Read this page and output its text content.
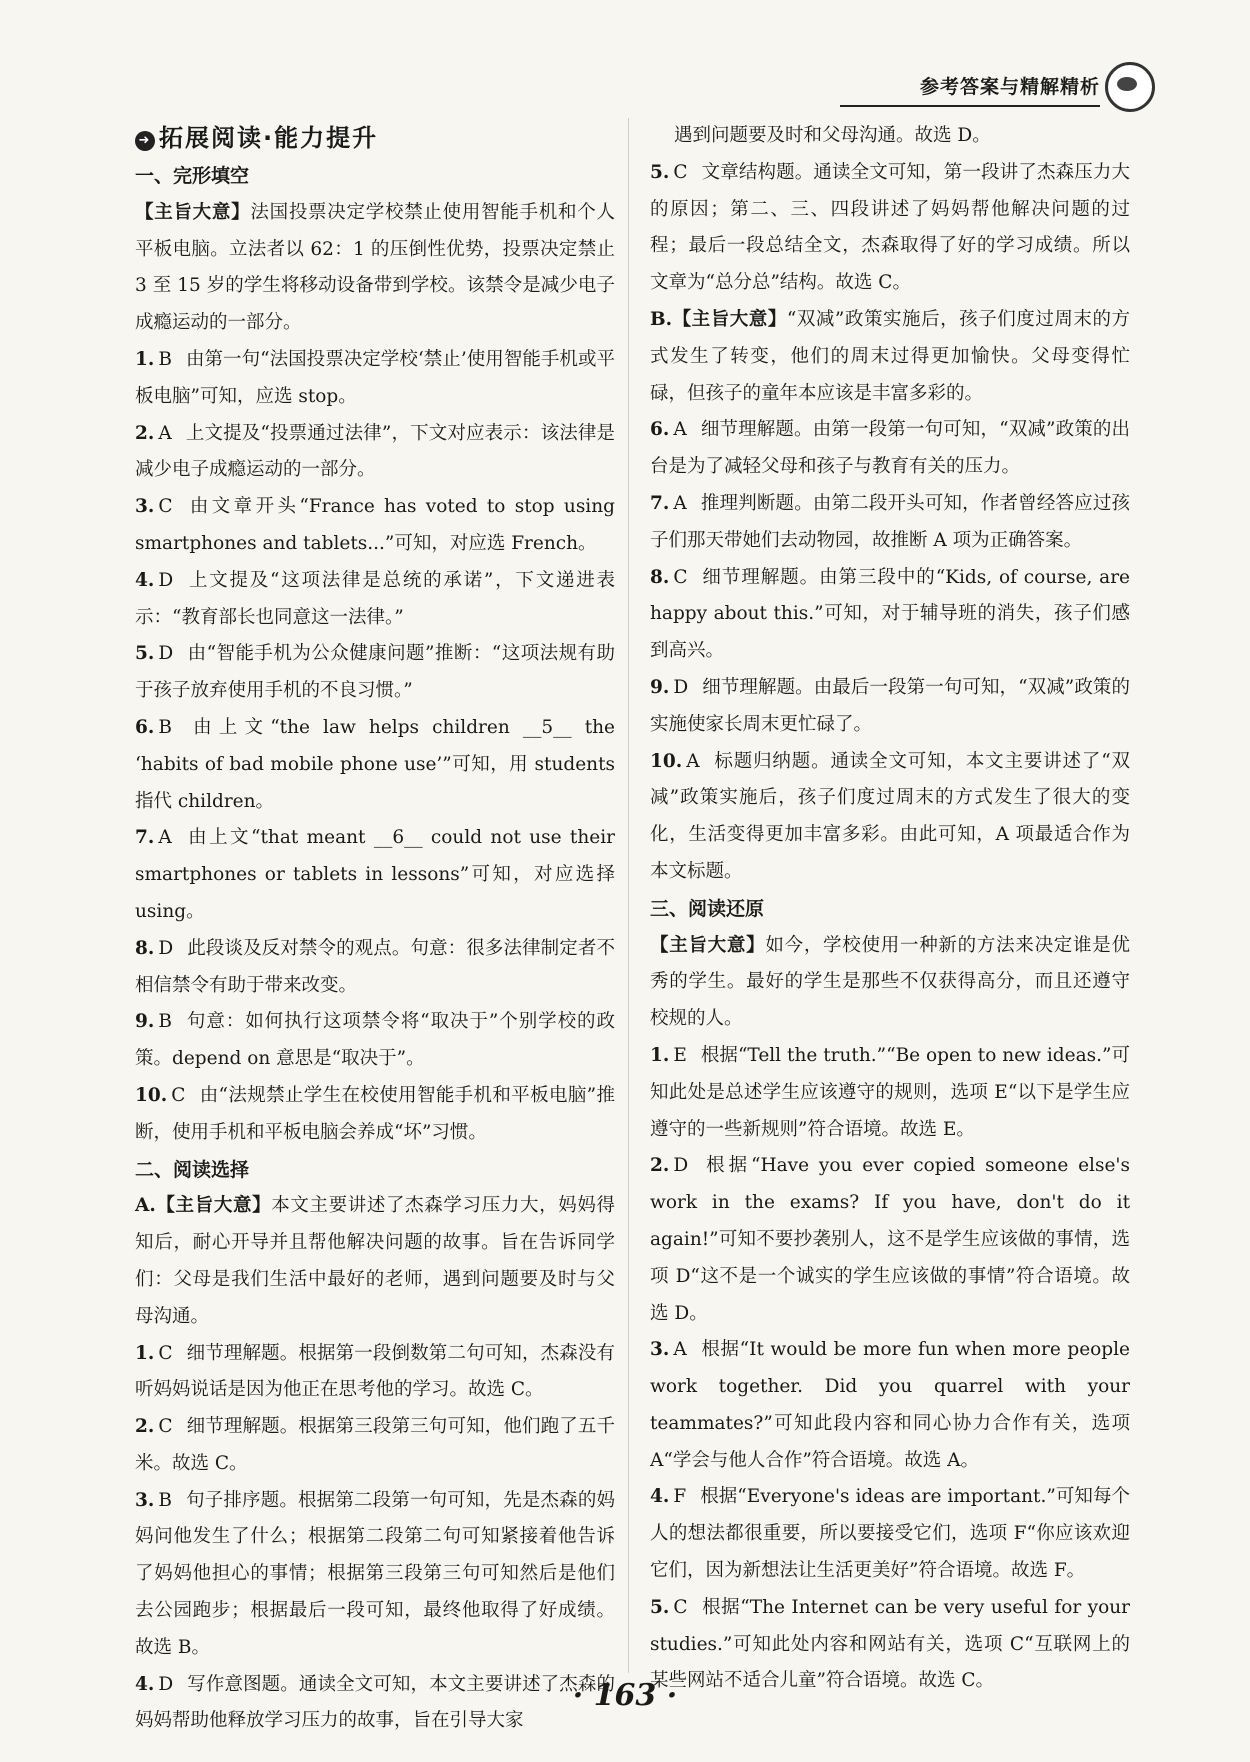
参考答案与精解精析
➜ 拓展阅读·能力提升
一、完形填空

【主旨大意】法国投票决定学校禁止使用智能手机和个人平板电脑。立法者以 62：1 的压倒性优势，投票决定禁止 3 至 15 岁的学生将移动设备带到学校。该禁令是减少电子成瘾运动的一部分。

1. B 由第一句“法国投票决定学校‘禁止’使用智能手机或平板电脑”可知，应选 stop。

2. A 上文提及“投票通过法律”，下文对应表示：该法律是减少电子成瘾运动的一部分。

3. C 由文章开头“France has voted to stop using smartphones and tablets...”可知，对应选 French。

4. D 上文提及“这项法律是总统的承诺”，下文递进表示：“教育部长也同意这一法律。”

5. D 由“智能手机为公众健康问题”推断：“这项法规有助于孩子放弃使用手机的不良习惯。”

6. B 由上文“the law helps children __5__ the ‘habits of bad mobile phone use’”可知，用 students 指代 children。

7. A 由上文“that meant __6__ could not use their smartphones or tablets in lessons”可知，对应选择 using。

8. D 此段谈及反对禁令的观点。句意：很多法律制定者不相信禁令有助于带来改变。

9. B 句意：如何执行这项禁令将“取决于”个别学校的政策。depend on 意思是“取决于”。

10. C 由“法规禁止学生在校使用智能手机和平板电脑”推断，使用手机和平板电脑会养成“坏”习惯。

二、阅读选择

A.【主旨大意】本文主要讲述了杰森学习压力大，妈妈得知后，耐心开导并且帮他解决问题的故事。旨在告诉同学们：父母是我们生活中最好的老师，遇到问题要及时与父母沟通。

1. C 细节理解题。根据第一段倒数第二句可知，杰森没有听妈妈说话是因为他正在思考他的学习。故选 C。

2. C 细节理解题。根据第三段第三句可知，他们跑了五千米。故选 C。

3. B 句子排序题。根据第二段第一句可知，先是杰森的妈妈问他发生了什么；根据第二段第二句可知紧接着他告诉了妈妈他担心的事情；根据第三段第三句可知然后是他们去公园跑步；根据最后一段可知，最终他取得了好成绩。故选 B。

4. D 写作意图题。通读全文可知，本文主要讲述了杰森的妈妈帮助他释放学习压力的故事，旨在引导大家

遇到问题要及时和父母沟通。故选 D。

5. C 文章结构题。通读全文可知，第一段讲了杰森压力大的原因；第二、三、四段讲述了妈妈帮他解决问题的过程；最后一段总结全文，杰森取得了好的学习成绩。所以文章为“总分总”结构。故选 C。

B.【主旨大意】“双减”政策实施后，孩子们度过周末的方式发生了转变，他们的周末过得更加愉快。父母变得忙碌，但孩子的童年本应该是丰富多彩的。

6. A 细节理解题。由第一段第一句可知，“双减”政策的出台是为了减轻父母和孩子与教育有关的压力。

7. A 推理判断题。由第二段开头可知，作者曾经答应过孩子们那天带她们去动物园，故推断 A 项为正确答案。

8. C 细节理解题。由第三段中的“Kids, of course, are happy about this.”可知，对于辅导班的消失，孩子们感到高兴。

9. D 细节理解题。由最后一段第一句可知，“双减”政策的实施使家长周末更忙碌了。

10. A 标题归纳题。通读全文可知，本文主要讲述了“双减”政策实施后，孩子们度过周末的方式发生了很大的变化，生活变得更加丰富多彩。由此可知，A 项最适合作为本文标题。

三、阅读还原

【主旨大意】如今，学校使用一种新的方法来决定谁是优秀的学生。最好的学生是那些不仅获得高分，而且还遵守校规的人。

1. E 根据“Tell the truth.”“Be open to new ideas.”可知此处是总述学生应该遵守的规则，选项 E“以下是学生应遵守的一些新规则”符合语境。故选 E。

2. D 根据“Have you ever copied someone else's work in the exams? If you have, don't do it again!”可知不要抄袭别人，这不是学生应该做的事情，选项 D“这不是一个诚实的学生应该做的事情”符合语境。故选 D。

3. A 根据“It would be more fun when more people work together. Did you quarrel with your teammates?”可知此段内容和同心协力合作有关，选项 A“学会与他人合作”符合语境。故选 A。

4. F 根据“Everyone's ideas are important.”可知每个人的想法都很重要，所以要接受它们，选项 F“你应该欢迎它们，因为新想法让生活更美好”符合语境。故选 F。

5. C 根据“The Internet can be very useful for your studies.”可知此处内容和网站有关，选项 C“互联网上的某些网站不适合儿童”符合语境。故选 C。

· 163 ·
